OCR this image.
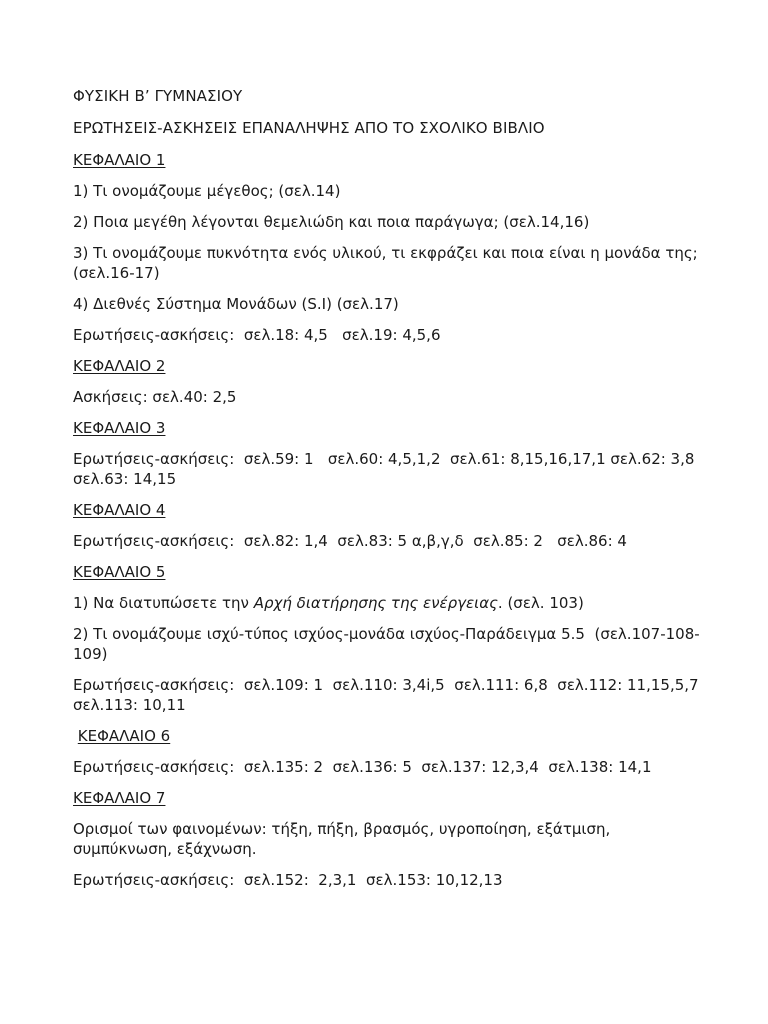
ΦΥΣΙΚΗ Β’ ΓΥΜΝΑΣΙΟΥ
ΕΡΩΤΗΣΕΙΣ-ΑΣΚΗΣΕΙΣ ΕΠΑΝΑΛΗΨΗΣ ΑΠΟ ΤΟ ΣΧΟΛΙΚΟ ΒΙΒΛΙΟ
ΚΕΦΑΛΑΙΟ 1
1) Τι ονομάζουμε μέγεθος; (σελ.14)
2) Ποια μεγέθη λέγονται θεμελιώδη και ποια παράγωγα; (σελ.14,16)
3) Τι ονομάζουμε πυκνότητα ενός υλικού, τι εκφράζει και ποια είναι η μονάδα της; (σελ.16-17)
4) Διεθνές Σύστημα Μονάδων (S.I) (σελ.17)
Ερωτήσεις-ασκήσεις:  σελ.18: 4,5   σελ.19: 4,5,6
ΚΕΦΑΛΑΙΟ 2
Ασκήσεις: σελ.40: 2,5
ΚΕΦΑΛΑΙΟ 3
Ερωτήσεις-ασκήσεις:  σελ.59: 1   σελ.60: 4,5,1,2  σελ.61: 8,15,16,17,1 σελ.62: 3,8  σελ.63: 14,15
ΚΕΦΑΛΑΙΟ 4
Ερωτήσεις-ασκήσεις:  σελ.82: 1,4  σελ.83: 5 α,β,γ,δ  σελ.85: 2   σελ.86: 4
ΚΕΦΑΛΑΙΟ 5
1) Να διατυπώσετε την Αρχή διατήρησης της ενέργειας. (σελ. 103)
2) Τι ονομάζουμε ισχύ-τύπος ισχύος-μονάδα ισχύος-Παράδειγμα 5.5  (σελ.107-108-109)
Ερωτήσεις-ασκήσεις:  σελ.109: 1  σελ.110: 3,4i,5  σελ.111: 6,8  σελ.112: 11,15,5,7  σελ.113: 10,11
ΚΕΦΑΛΑΙΟ 6
Ερωτήσεις-ασκήσεις:  σελ.135: 2  σελ.136: 5  σελ.137: 12,3,4  σελ.138: 14,1
ΚΕΦΑΛΑΙΟ 7
Ορισμοί των φαινομένων: τήξη, πήξη, βρασμός, υγροποίηση, εξάτμιση, συμπύκνωση, εξάχνωση.
Ερωτήσεις-ασκήσεις:  σελ.152:  2,3,1  σελ.153: 10,12,13
